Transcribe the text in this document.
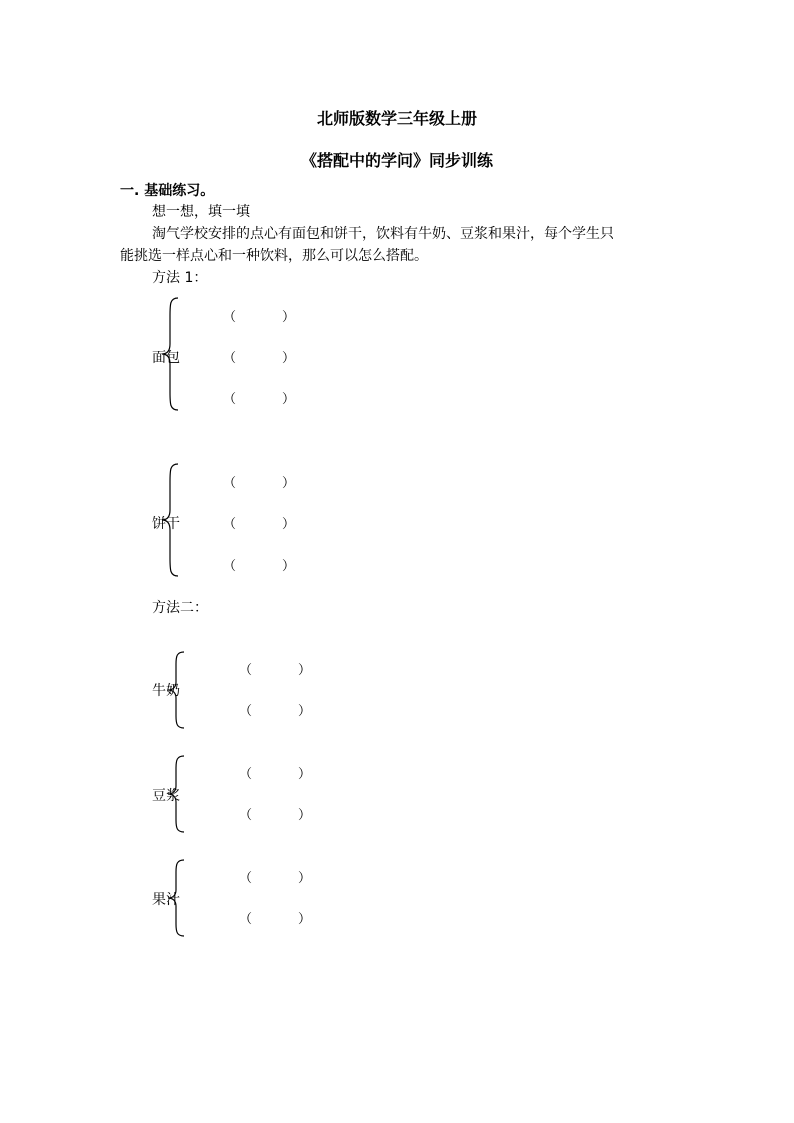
北师版数学三年级上册
《搭配中的学问》同步训练
一. 基础练习。
想一想，填一填
淘气学校安排的点心有面包和饼干，饮料有牛奶、豆浆和果汁，每个学生只
能挑选一样点心和一种饮料，那么可以怎么搭配。
方法 1：
面包
（	）
（	）
（	）
饼干
（	）
（	）
（	）
方法二：
牛奶
（	）
（	）
豆浆
（	）
（	）
果汁
（	）
（	）
